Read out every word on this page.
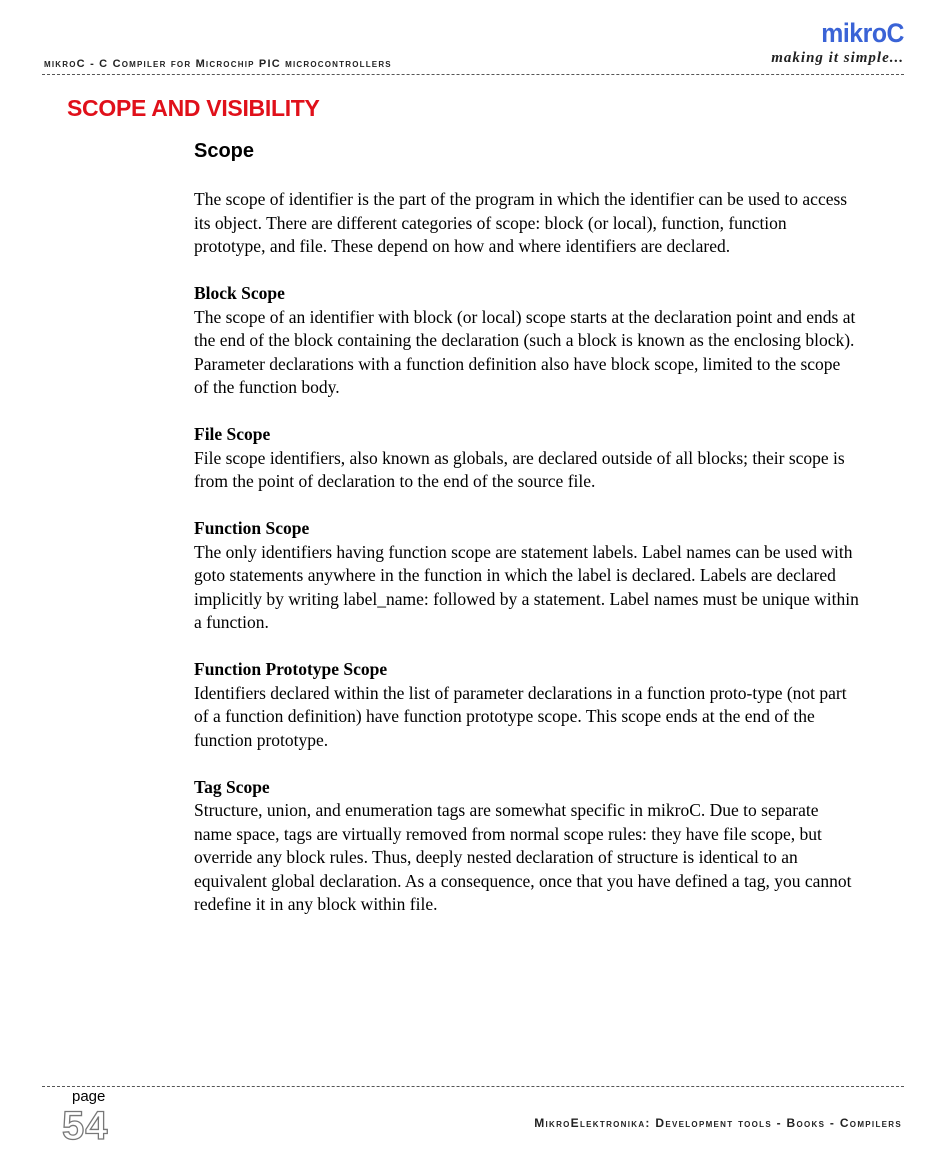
mikroC - C Compiler for Microchip PIC microcontrollers
mikroC
making it simple...
SCOPE AND VISIBILITY
Scope

The scope of identifier is the part of the program in which the identifier can be used to access its object. There are different categories of scope: block (or local), function, function prototype, and file. These depend on how and where identifiers are declared.

Block Scope
The scope of an identifier with block (or local) scope starts at the declaration point and ends at the end of the block containing the declaration (such a block is known as the enclosing block). Parameter declarations with a function definition also have block scope, limited to the scope of the function body.

File Scope
File scope identifiers, also known as globals, are declared outside of all blocks; their scope is from the point of declaration to the end of the source file.

Function Scope
The only identifiers having function scope are statement labels. Label names can be used with goto statements anywhere in the function in which the label is declared. Labels are declared implicitly by writing label_name: followed by a statement. Label names must be unique within a function.

Function Prototype Scope
Identifiers declared within the list of parameter declarations in a function proto-type (not part of a function definition) have function prototype scope. This scope ends at the end of the function prototype.

Tag Scope
Structure, union, and enumeration tags are somewhat specific in mikroC. Due to separate name space, tags are virtually removed from normal scope rules: they have file scope, but override any block rules. Thus, deeply nested declaration of structure is identical to an equivalent global declaration. As a consequence, once that you have defined a tag, you cannot redefine it in any block within file.

page
54	MikroElektronika: Development tools - Books - Compilers
